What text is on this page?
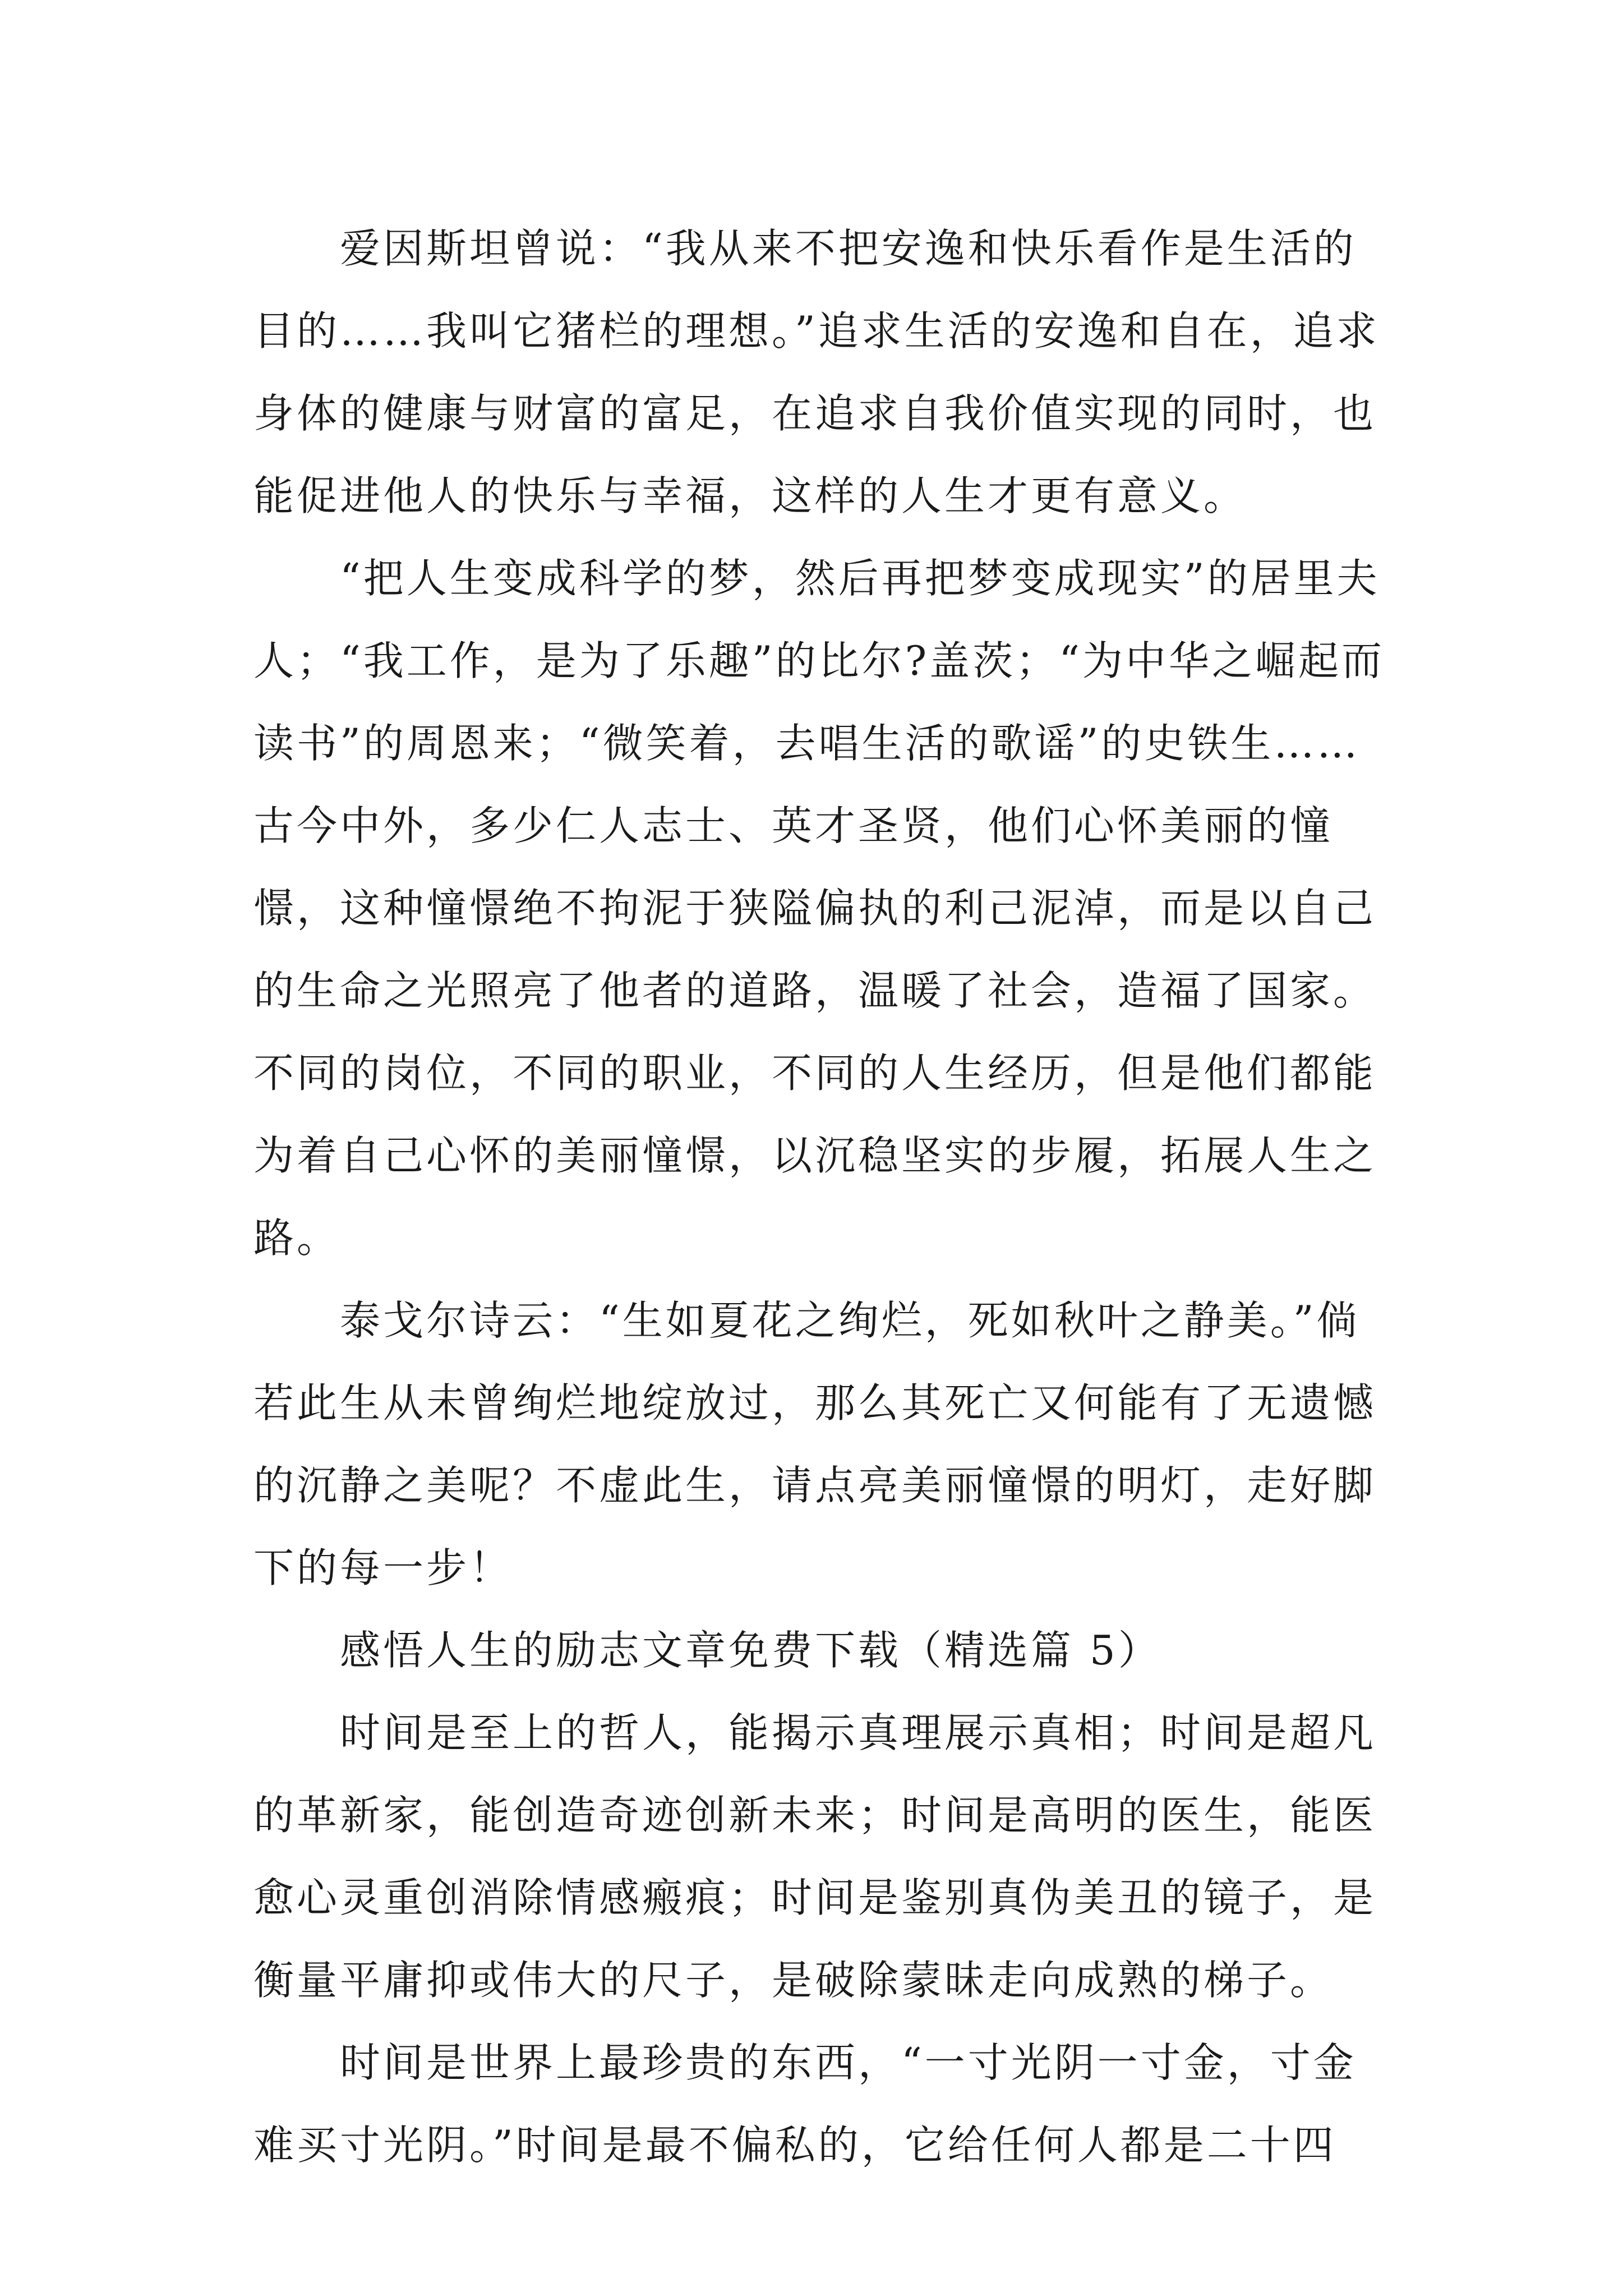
爱因斯坦曾说：“我从来不把安逸和快乐看作是生活的目的……我叫它猪栏的理想。”追求生活的安逸和自在，追求身体的健康与财富的富足，在追求自我价值实现的同时，也能促进他人的快乐与幸福，这样的人生才更有意义。

“把人生变成科学的梦，然后再把梦变成现实”的居里夫人；“我工作，是为了乐趣”的比尔?盖茨；“为中华之崛起而读书”的周恩来；“微笑着，去唱生活的歌谣”的史铁生……古今中外，多少仁人志士、英才圣贤，他们心怀美丽的憧憬，这种憧憬绝不拘泥于狭隘偏执的利己泥淖，而是以自己的生命之光照亮了他者的道路，温暖了社会，造福了国家。不同的岗位，不同的职业，不同的人生经历，但是他们都能为着自己心怀的美丽憧憬，以沉稳坚实的步履，拓展人生之路。

泰戈尔诗云：“生如夏花之绚烂，死如秋叶之静美。”倘若此生从未曾绚烂地绽放过，那么其死亡又何能有了无遗憾的沉静之美呢？不虚此生，请点亮美丽憧憬的明灯，走好脚下的每一步！

感悟人生的励志文章免费下载（精选篇 5）

时间是至上的哲人，能揭示真理展示真相；时间是超凡的革新家，能创造奇迹创新未来；时间是高明的医生，能医愈心灵重创消除情感瘢痕；时间是鉴别真伪美丑的镜子，是衡量平庸抑或伟大的尺子，是破除蒙昧走向成熟的梯子。

时间是世界上最珍贵的东西，“一寸光阴一寸金，寸金难买寸光阴。”时间是最不偏私的，它给任何人都是二十四
